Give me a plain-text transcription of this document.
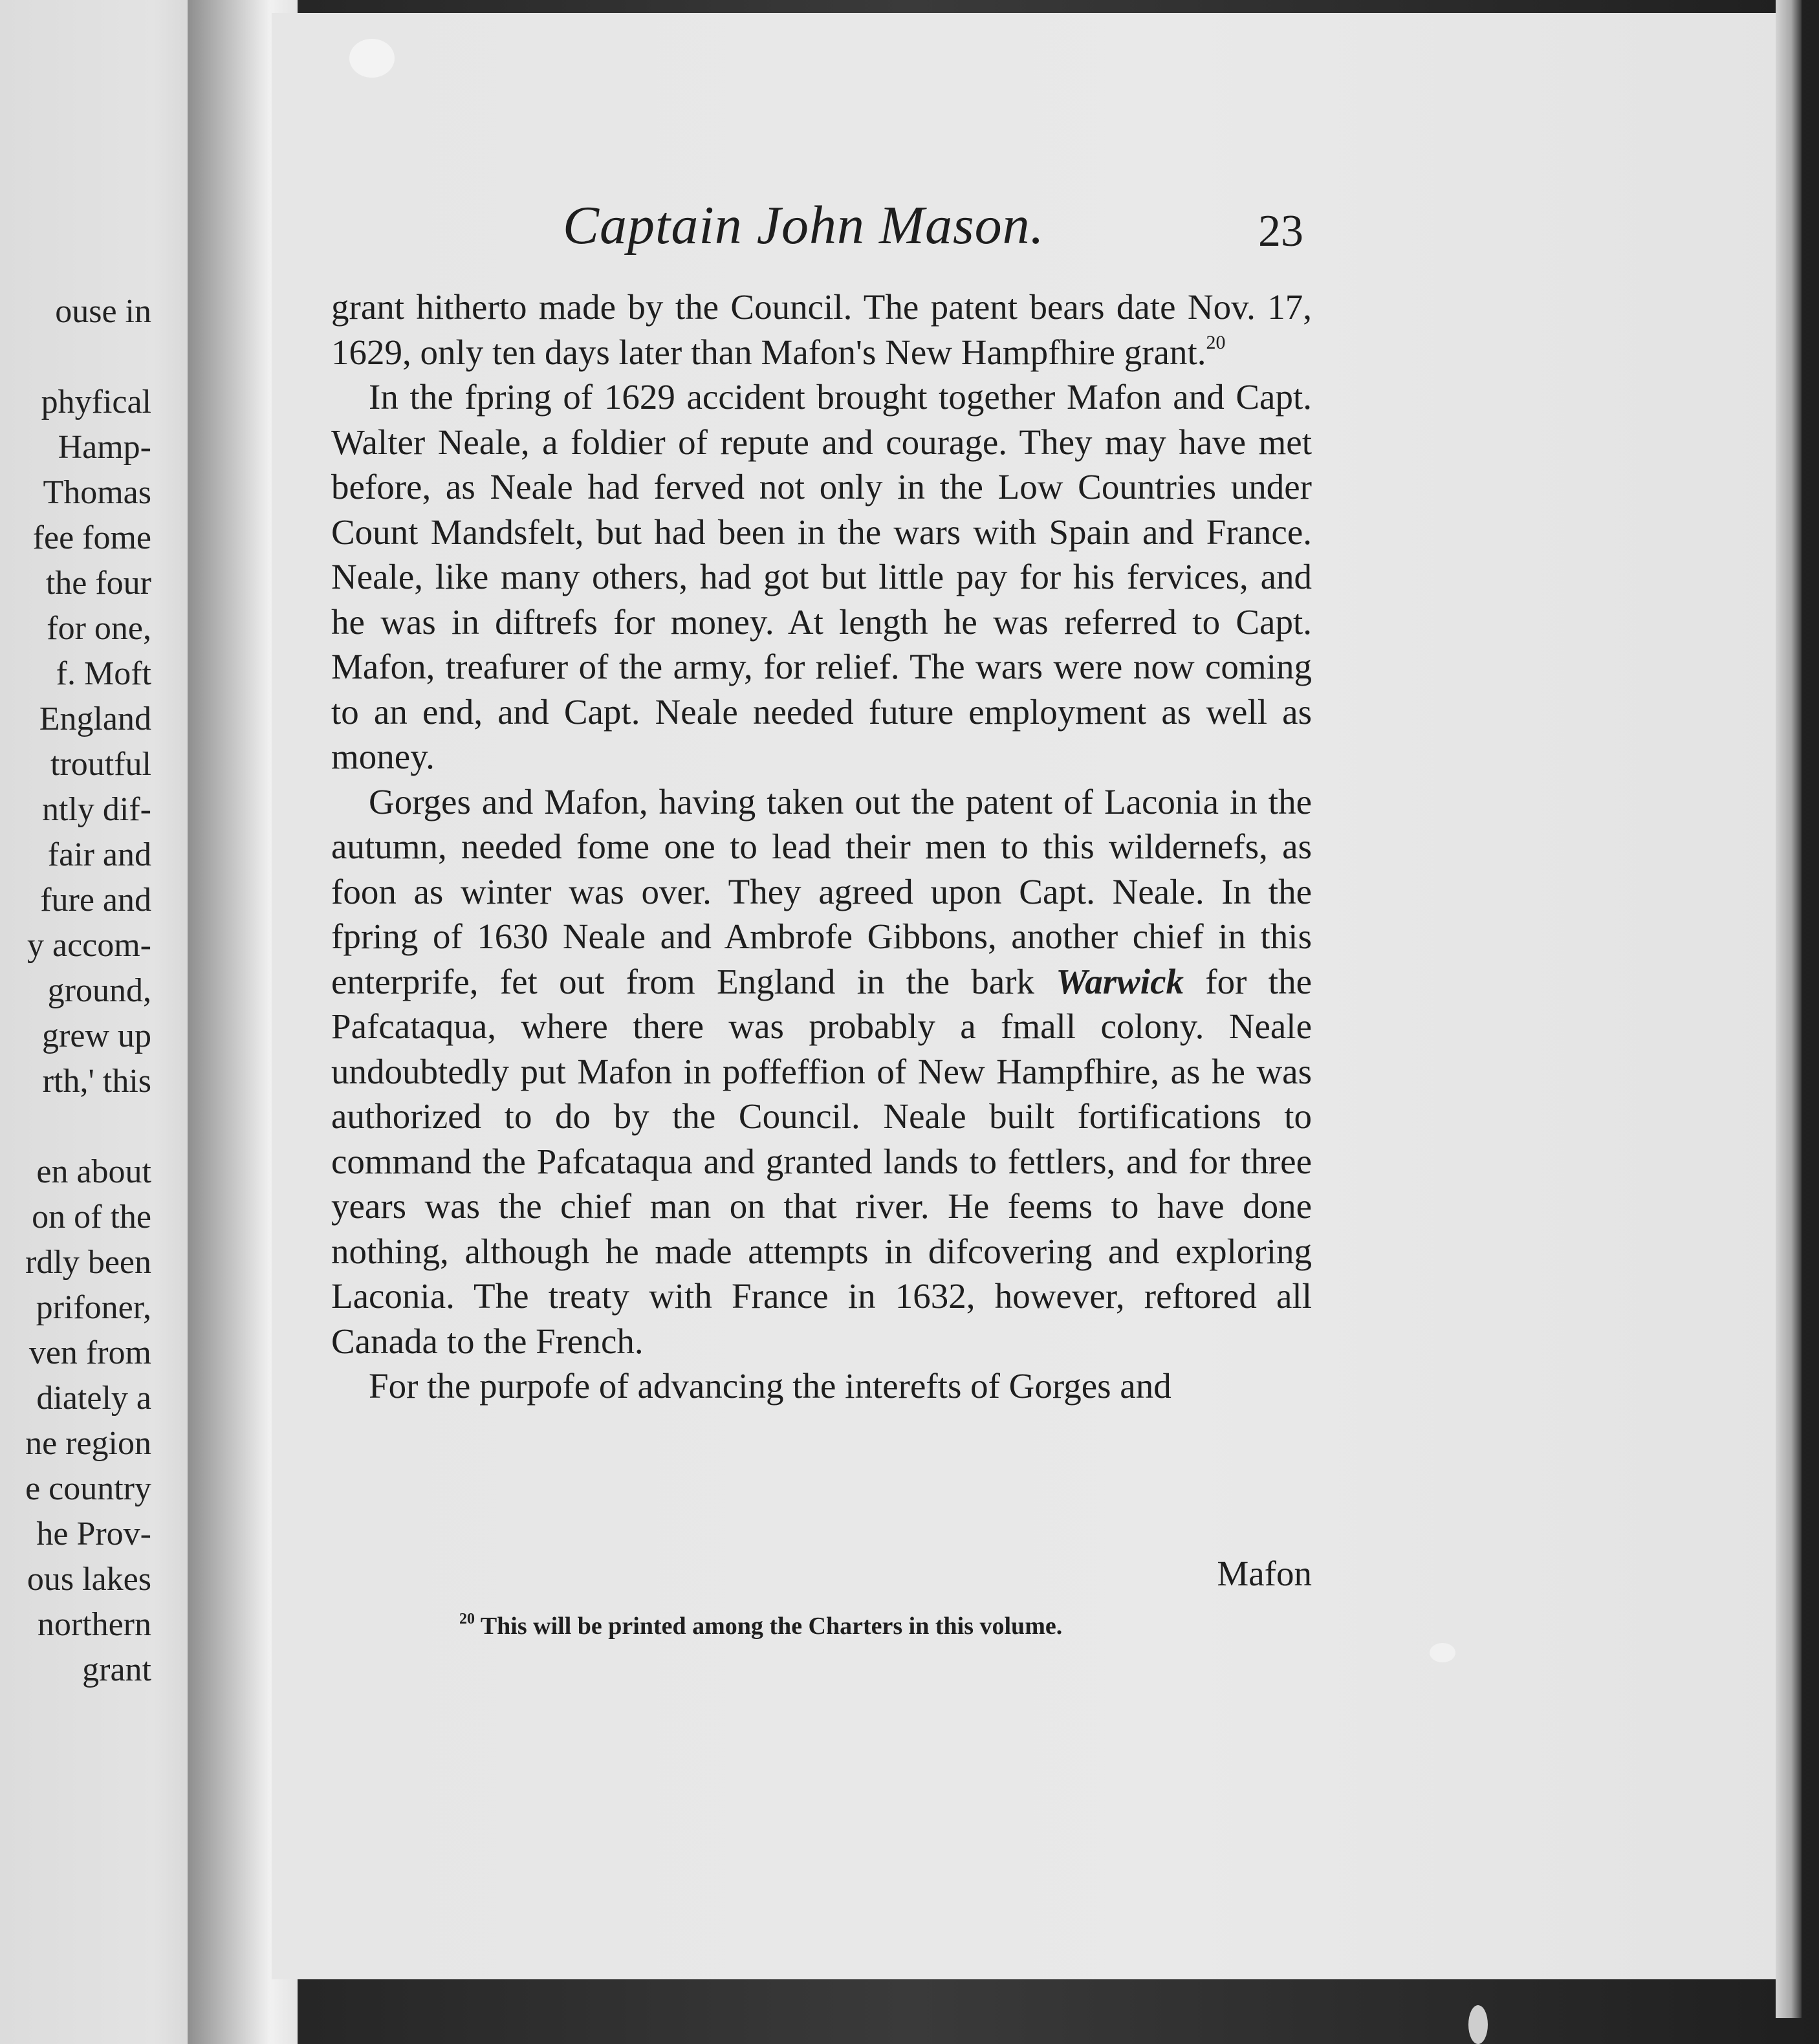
ouse in
phyfical
Hamp-
Thomas
fee fome
the four
for one,
f. Moft
England
troutful
ntly dif-
fair and
fure and
y accom-
ground,
grew up
rth,' this
en about
on of the
rdly been
prifoner,
ven from
diately a
ne region
e country
he Prov-
ous lakes
northern
grant
Captain John Mason.	23

grant hitherto made by the Council. The patent bears date Nov. 17, 1629, only ten days later than Mafon's New Hampfhire grant.$^{20}$

In the fpring of 1629 accident brought together Mafon and Capt. Walter Neale, a foldier of repute and courage. They may have met before, as Neale had ferved not only in the Low Countries under Count Mandsfelt, but had been in the wars with Spain and France. Neale, like many others, had got but little pay for his fervices, and he was in diftrefs for money. At length he was referred to Capt. Mafon, treafurer of the army, for relief. The wars were now coming to an end, and Capt. Neale needed future employment as well as money.

Gorges and Mafon, having taken out the patent of Laconia in the autumn, needed fome one to lead their men to this wildernefs, as foon as winter was over. They agreed upon Capt. Neale. In the fpring of 1630 Neale and Ambrofe Gibbons, another chief in this enterprife, fet out from England in the bark Warwick for the Pafcataqua, where there was probably a fmall colony. Neale undoubtedly put Mafon in poffeffion of New Hampfhire, as he was authorized to do by the Council. Neale built fortifications to command the Pafcataqua and granted lands to fettlers, and for three years was the chief man on that river. He feems to have done nothing, although he made attempts in difcovering and exploring Laconia. The treaty with France in 1632, however, reftored all Canada to the French.

For the purpofe of advancing the interefts of Gorges and

Mafon
$^{20}$ This will be printed among the Charters in this volume.
